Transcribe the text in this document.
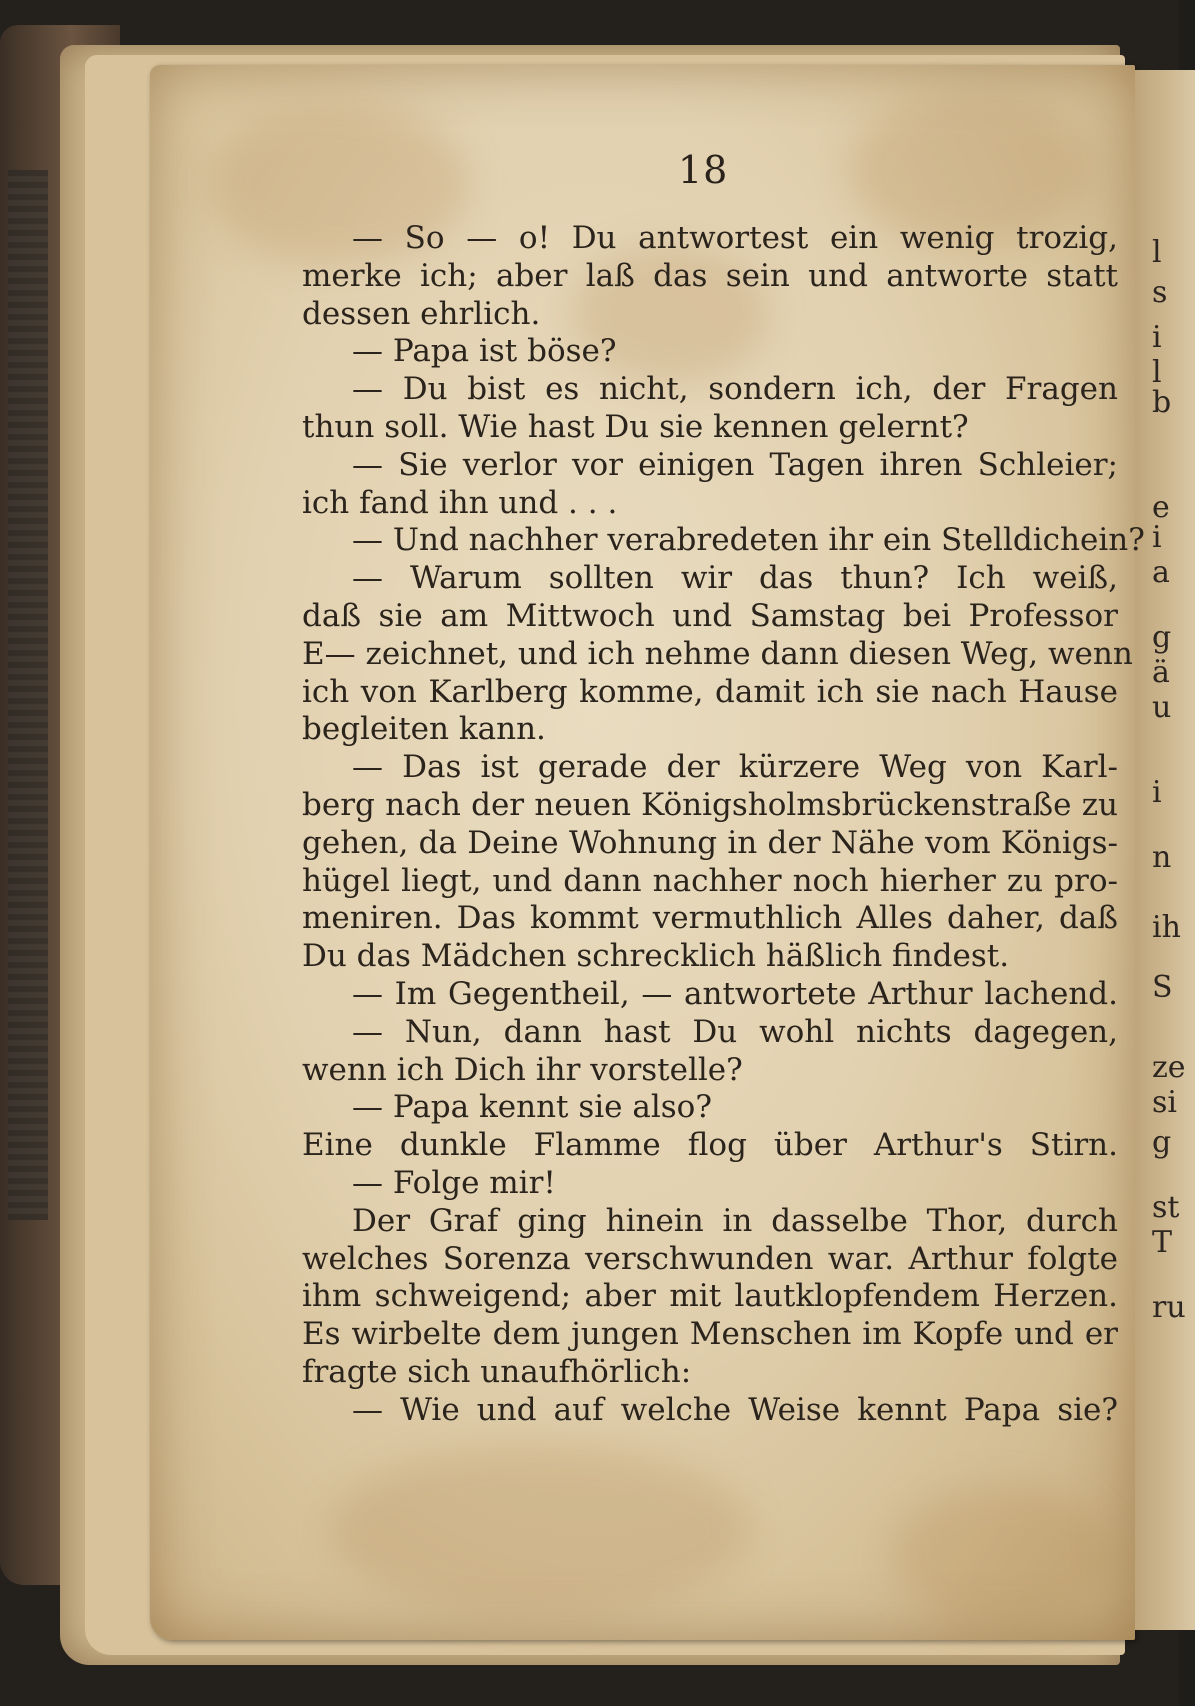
l
s
i
l
b
e
i
a
g
ä
u
i
n
ih
S
ze
si
g
st
T
ru
18
— So — o! Du antwortest ein wenig trozig,
merke ich; aber laß das sein und antworte statt
dessen ehrlich.
— Papa ist böse?
— Du bist es nicht, sondern ich, der Fragen
thun soll. Wie hast Du sie kennen gelernt?
— Sie verlor vor einigen Tagen ihren Schleier;
ich fand ihn und . . .
— Und nachher verabredeten ihr ein Stelldichein?
— Warum sollten wir das thun? Ich weiß,
daß sie am Mittwoch und Samstag bei Professor
E— zeichnet, und ich nehme dann diesen Weg, wenn
ich von Karlberg komme, damit ich sie nach Hause
begleiten kann.
— Das ist gerade der kürzere Weg von Karl-
berg nach der neuen Königsholmsbrückenstraße zu
gehen, da Deine Wohnung in der Nähe vom Königs-
hügel liegt, und dann nachher noch hierher zu pro-
meniren. Das kommt vermuthlich Alles daher, daß
Du das Mädchen schrecklich häßlich findest.
— Im Gegentheil, — antwortete Arthur lachend.
— Nun, dann hast Du wohl nichts dagegen,
wenn ich Dich ihr vorstelle?
— Papa kennt sie also?
Eine dunkle Flamme flog über Arthur's Stirn.
— Folge mir!
Der Graf ging hinein in dasselbe Thor, durch
welches Sorenza verschwunden war. Arthur folgte
ihm schweigend; aber mit lautklopfendem Herzen.
Es wirbelte dem jungen Menschen im Kopfe und er
fragte sich unaufhörlich:
— Wie und auf welche Weise kennt Papa sie?
